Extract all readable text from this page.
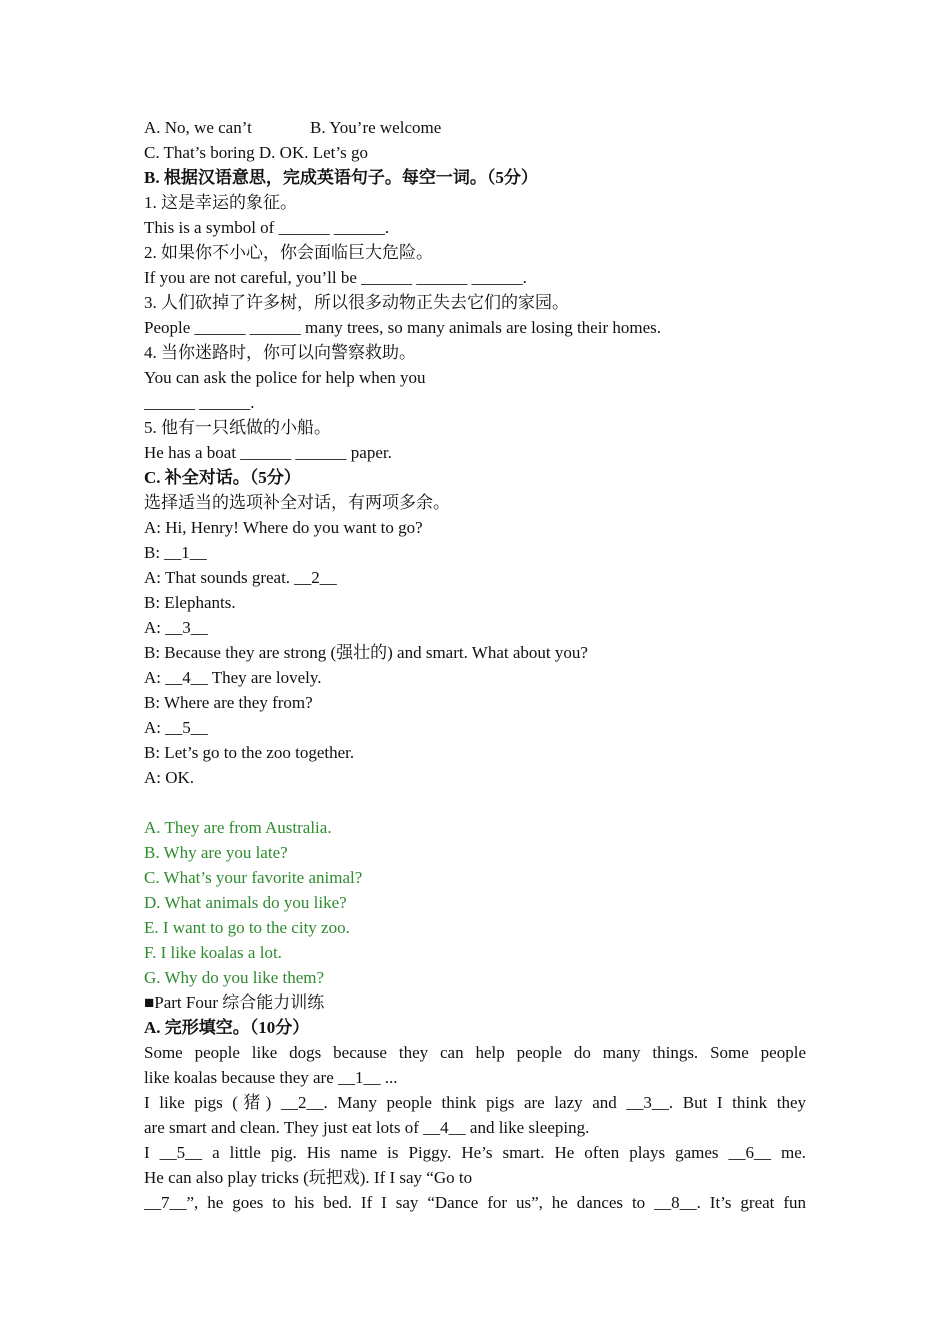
A. No, we can’t	B. You’re welcome
C. That’s boring D. OK. Let’s go
B. 根据汉语意思，完成英语句子。每空一词。（5分）
1. 这是幸运的象征。
This is a symbol of ______ ______.
2. 如果你不小心，你会面临巨大危险。
If you are not careful, you’ll be ______ ______ ______.
3. 人们砍掉了许多树，所以很多动物正失去它们的家园。
People ______ ______ many trees, so many animals are losing their homes.
4. 当你迷路时，你可以向警察救助。
You can ask the police for help when you
______ ______.
5. 他有一只纸做的小船。
He has a boat ______ ______ paper.
C. 补全对话。（5分）
选择适当的选项补全对话，有两项多余。
A: Hi, Henry! Where do you want to go?
B: __1__
A: That sounds great. __2__
B: Elephants.
A: __3__
B: Because they are strong (强壮的) and smart. What about you?
A: __4__ They are lovely.
B: Where are they from?
A: __5__
B: Let’s go to the zoo together.
A: OK.
A. They are from Australia.
B. Why are you late?
C. What’s your favorite animal?
D. What animals do you like?
E. I want to go to the city zoo.
F. I like koalas a lot.
G. Why do you like them?
■Part Four 综合能力训练
A. 完形填空。（10分）
Some people like dogs because they can help people do many things. Some people
like koalas because they are __1__ ...
I like pigs (猪) __2__. Many people think pigs are lazy and __3__. But I think they
are smart and clean. They just eat lots of __4__ and like sleeping.
I __5__ a little pig. His name is Piggy. He’s smart. He often plays games __6__ me.
He can also play tricks (玩把戏). If I say “Go to
__7__”, he goes to his bed. If I say “Dance for us”, he dances to __8__. It’s great fun
